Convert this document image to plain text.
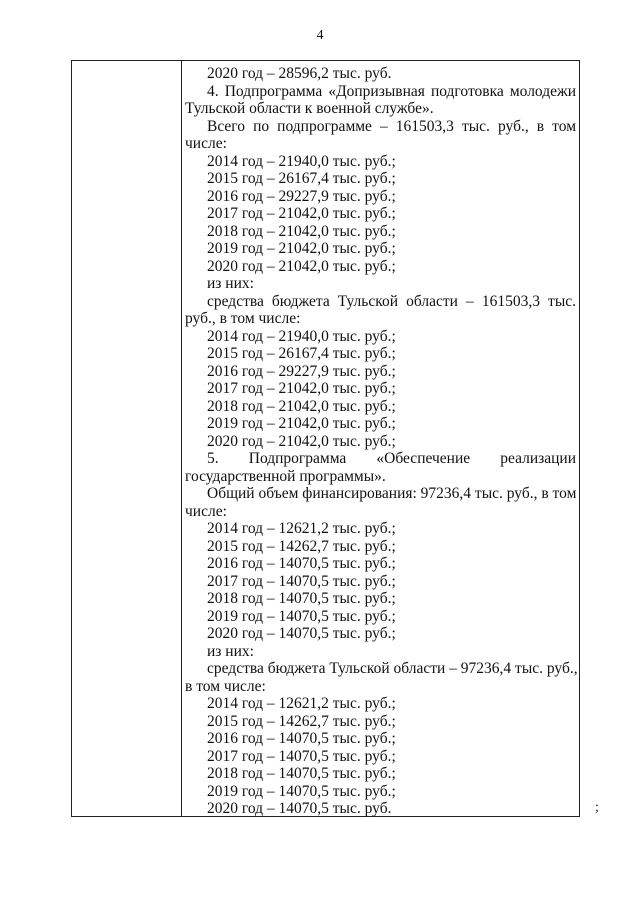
4
2020 год – 28596,2 тыс. руб.
4. Подпрограмма «Допризывная подготовка молодежи
Тульской области к военной службе».
Всего по подпрограмме – 161503,3 тыс. руб., в том
числе:
2014 год – 21940,0 тыс. руб.;
2015 год – 26167,4 тыс. руб.;
2016 год – 29227,9 тыс. руб.;
2017 год – 21042,0 тыс. руб.;
2018 год – 21042,0 тыс. руб.;
2019 год – 21042,0 тыс. руб.;
2020 год – 21042,0 тыс. руб.;
из них:
средства бюджета Тульской области – 161503,3 тыс.
руб., в том числе:
2014 год – 21940,0 тыс. руб.;
2015 год – 26167,4 тыс. руб.;
2016 год – 29227,9 тыс. руб.;
2017 год – 21042,0 тыс. руб.;
2018 год – 21042,0 тыс. руб.;
2019 год – 21042,0 тыс. руб.;
2020 год – 21042,0 тыс. руб.;
5. Подпрограмма «Обеспечение реализации
государственной программы».
Общий объем финансирования: 97236,4 тыс. руб., в том
числе:
2014 год – 12621,2 тыс. руб.;
2015 год – 14262,7 тыс. руб.;
2016 год – 14070,5 тыс. руб.;
2017 год – 14070,5 тыс. руб.;
2018 год – 14070,5 тыс. руб.;
2019 год – 14070,5 тыс. руб.;
2020 год – 14070,5 тыс. руб.;
из них:
средства бюджета Тульской области – 97236,4 тыс. руб.,
в том числе:
2014 год – 12621,2 тыс. руб.;
2015 год – 14262,7 тыс. руб.;
2016 год – 14070,5 тыс. руб.;
2017 год – 14070,5 тыс. руб.;
2018 год – 14070,5 тыс. руб.;
2019 год – 14070,5 тыс. руб.;
2020 год – 14070,5 тыс. руб.	;
